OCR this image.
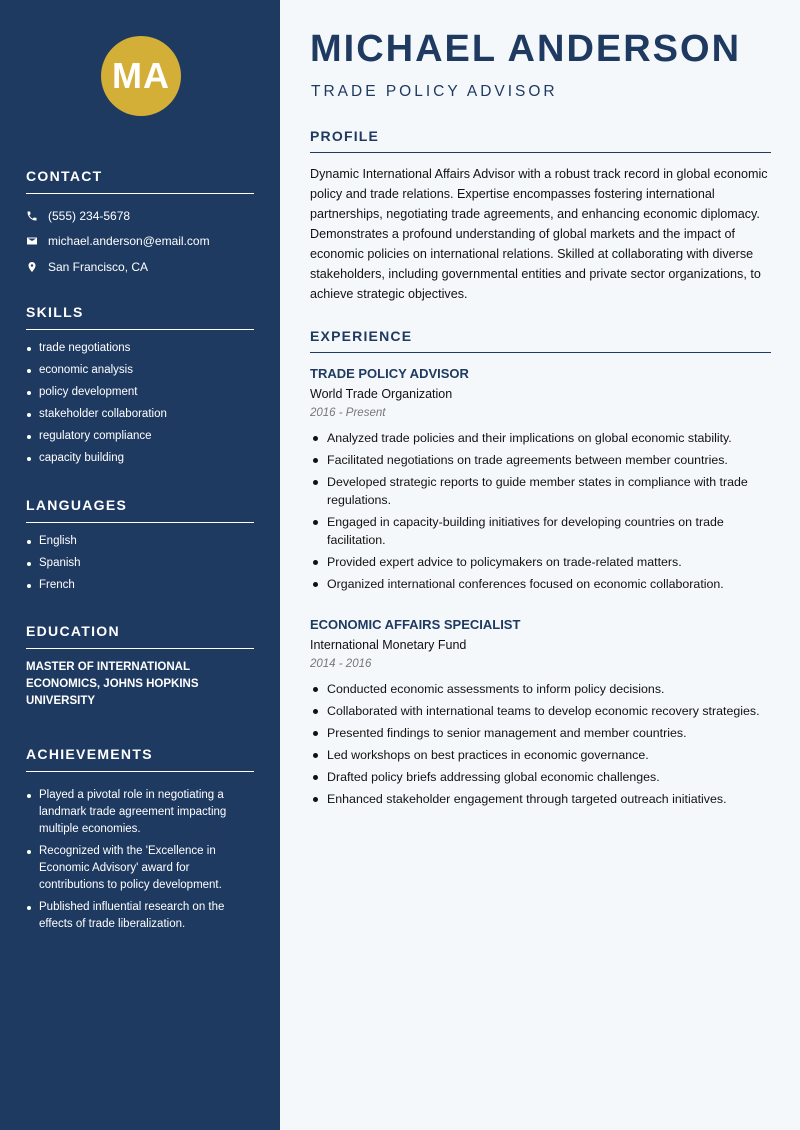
MA
CONTACT
(555) 234-5678
michael.anderson@email.com
San Francisco, CA
SKILLS
trade negotiations
economic analysis
policy development
stakeholder collaboration
regulatory compliance
capacity building
LANGUAGES
English
Spanish
French
EDUCATION
MASTER OF INTERNATIONAL ECONOMICS, JOHNS HOPKINS UNIVERSITY
ACHIEVEMENTS
Played a pivotal role in negotiating a landmark trade agreement impacting multiple economies.
Recognized with the 'Excellence in Economic Advisory' award for contributions to policy development.
Published influential research on the effects of trade liberalization.
MICHAEL ANDERSON
TRADE POLICY ADVISOR
PROFILE

Dynamic International Affairs Advisor with a robust track record in global economic policy and trade relations. Expertise encompasses fostering international partnerships, negotiating trade agreements, and enhancing economic diplomacy. Demonstrates a profound understanding of global markets and the impact of economic policies on international relations. Skilled at collaborating with diverse stakeholders, including governmental entities and private sector organizations, to achieve strategic objectives.

EXPERIENCE
TRADE POLICY ADVISOR
World Trade Organization
2016 - Present
Analyzed trade policies and their implications on global economic stability.
Facilitated negotiations on trade agreements between member countries.
Developed strategic reports to guide member states in compliance with trade regulations.
Engaged in capacity-building initiatives for developing countries on trade facilitation.
Provided expert advice to policymakers on trade-related matters.
Organized international conferences focused on economic collaboration.
ECONOMIC AFFAIRS SPECIALIST
International Monetary Fund
2014 - 2016
Conducted economic assessments to inform policy decisions.
Collaborated with international teams to develop economic recovery strategies.
Presented findings to senior management and member countries.
Led workshops on best practices in economic governance.
Drafted policy briefs addressing global economic challenges.
Enhanced stakeholder engagement through targeted outreach initiatives.
